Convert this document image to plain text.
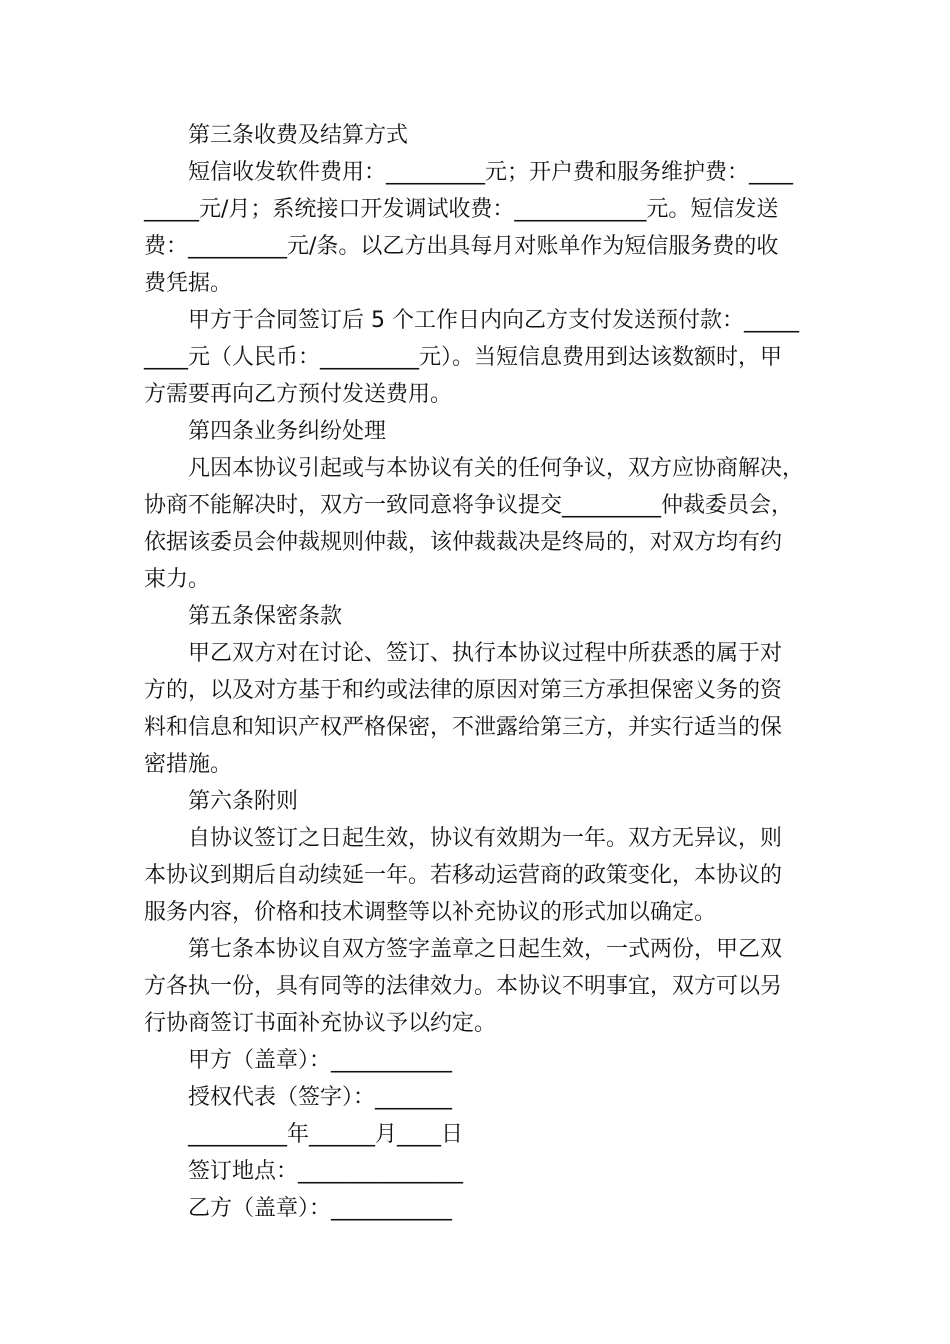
第三条收费及结算方式
短信收发软件费用：_________元；开户费和服务维护费：____
_____元/月；系统接口开发调试收费：____________元。短信发送
费：_________元/条。以乙方出具每月对账单作为短信服务费的收
费凭据。
甲方于合同签订后 5 个工作日内向乙方支付发送预付款：_____
____元（人民币：_________元）。当短信息费用到达该数额时，甲
方需要再向乙方预付发送费用。
第四条业务纠纷处理
凡因本协议引起或与本协议有关的任何争议，双方应协商解决，
协商不能解决时，双方一致同意将争议提交_________仲裁委员会，
依据该委员会仲裁规则仲裁，该仲裁裁决是终局的，对双方均有约
束力。
第五条保密条款
甲乙双方对在讨论、签订、执行本协议过程中所获悉的属于对
方的，以及对方基于和约或法律的原因对第三方承担保密义务的资
料和信息和知识产权严格保密，不泄露给第三方，并实行适当的保
密措施。
第六条附则
自协议签订之日起生效，协议有效期为一年。双方无异议，则
本协议到期后自动续延一年。若移动运营商的政策变化，本协议的
服务内容，价格和技术调整等以补充协议的形式加以确定。
第七条本协议自双方签字盖章之日起生效，一式两份，甲乙双
方各执一份，具有同等的法律效力。本协议不明事宜，双方可以另
行协商签订书面补充协议予以约定。
甲方（盖章）：___________
授权代表（签字）：_______
_________年______月____日
签订地点：_______________
乙方（盖章）：___________
